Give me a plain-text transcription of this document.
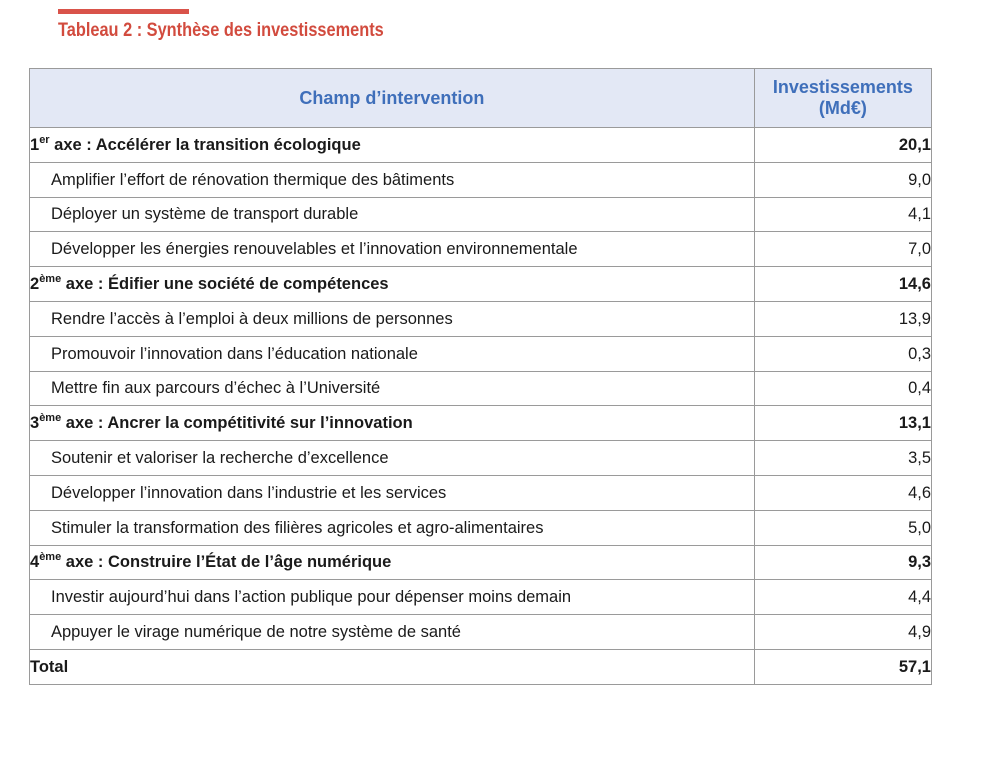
Tableau 2 : Synthèse des investissements
Champ d’intervention	Investissements
(Md€)
1er axe : Accélérer la transition écologique	20,1
Amplifier l’effort de rénovation thermique des bâtiments	9,0
Déployer un système de transport durable	4,1
Développer les énergies renouvelables et l’innovation environnementale	7,0
2ème axe : Édifier une société de compétences	14,6
Rendre l’accès à l’emploi à deux millions de personnes	13,9
Promouvoir l’innovation dans l’éducation nationale	0,3
Mettre fin aux parcours d’échec à l’Université	0,4
3ème axe : Ancrer la compétitivité sur l’innovation	13,1
Soutenir et valoriser la recherche d’excellence	3,5
Développer l’innovation dans l’industrie et les services	4,6
Stimuler la transformation des filières agricoles et agro-alimentaires	5,0
4ème axe : Construire l’État de l’âge numérique	9,3
Investir aujourd’hui dans l’action publique pour dépenser moins demain	4,4
Appuyer le virage numérique de notre système de santé	4,9
Total	57,1
